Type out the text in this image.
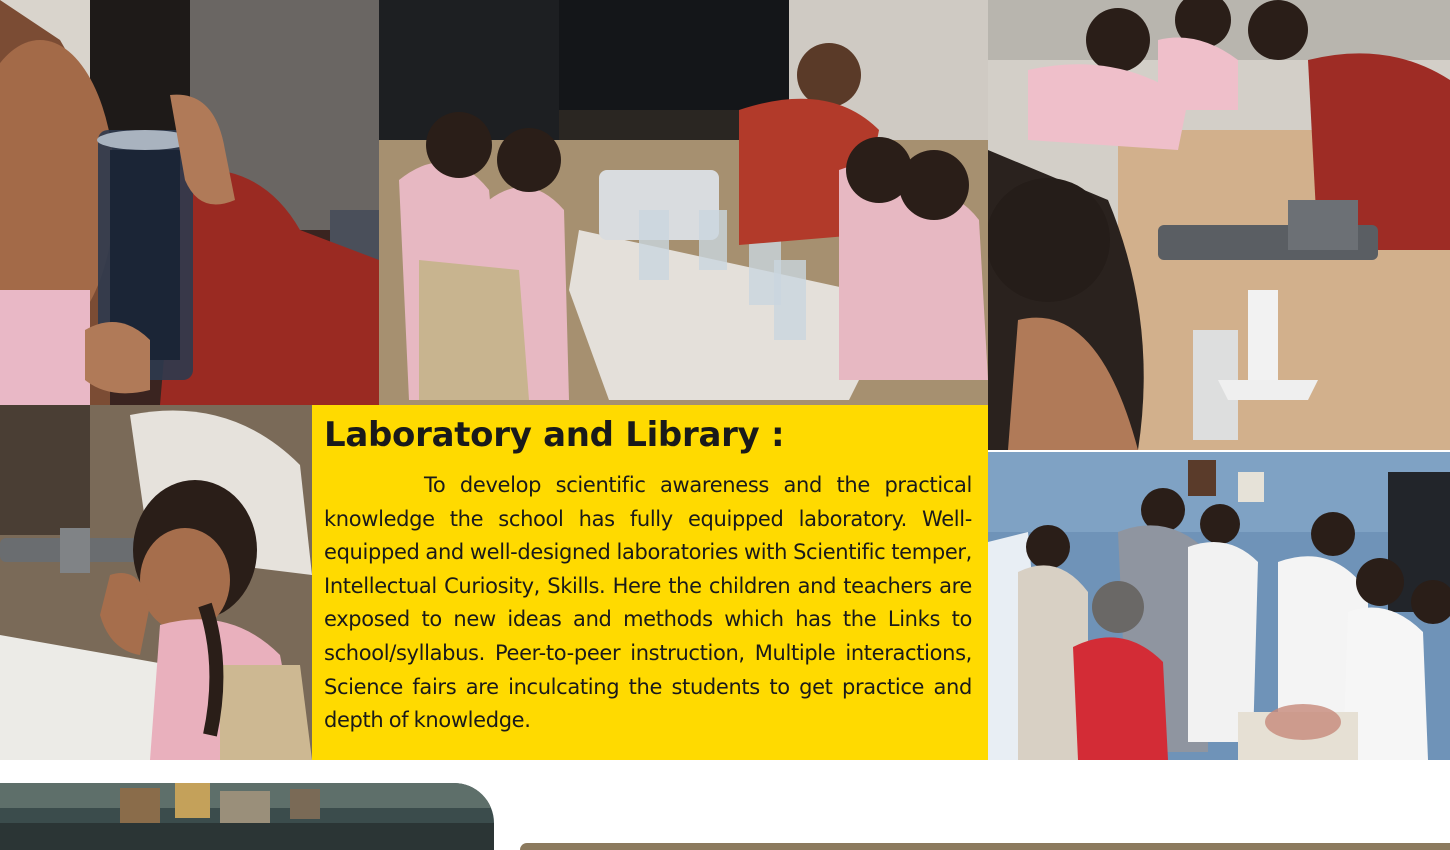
Laboratory and Library :

To develop scientific awareness and the practical knowledge the school has fully equipped laboratory. Well-equipped and well-designed laboratories with Scientific temper, Intellectual Curiosity, Skills. Here the children and teachers are exposed to new ideas and methods which has the Links to school/syllabus. Peer-to-peer instruction, Multiple interactions, Science fairs are inculcating the students to get practice and depth of knowledge.
